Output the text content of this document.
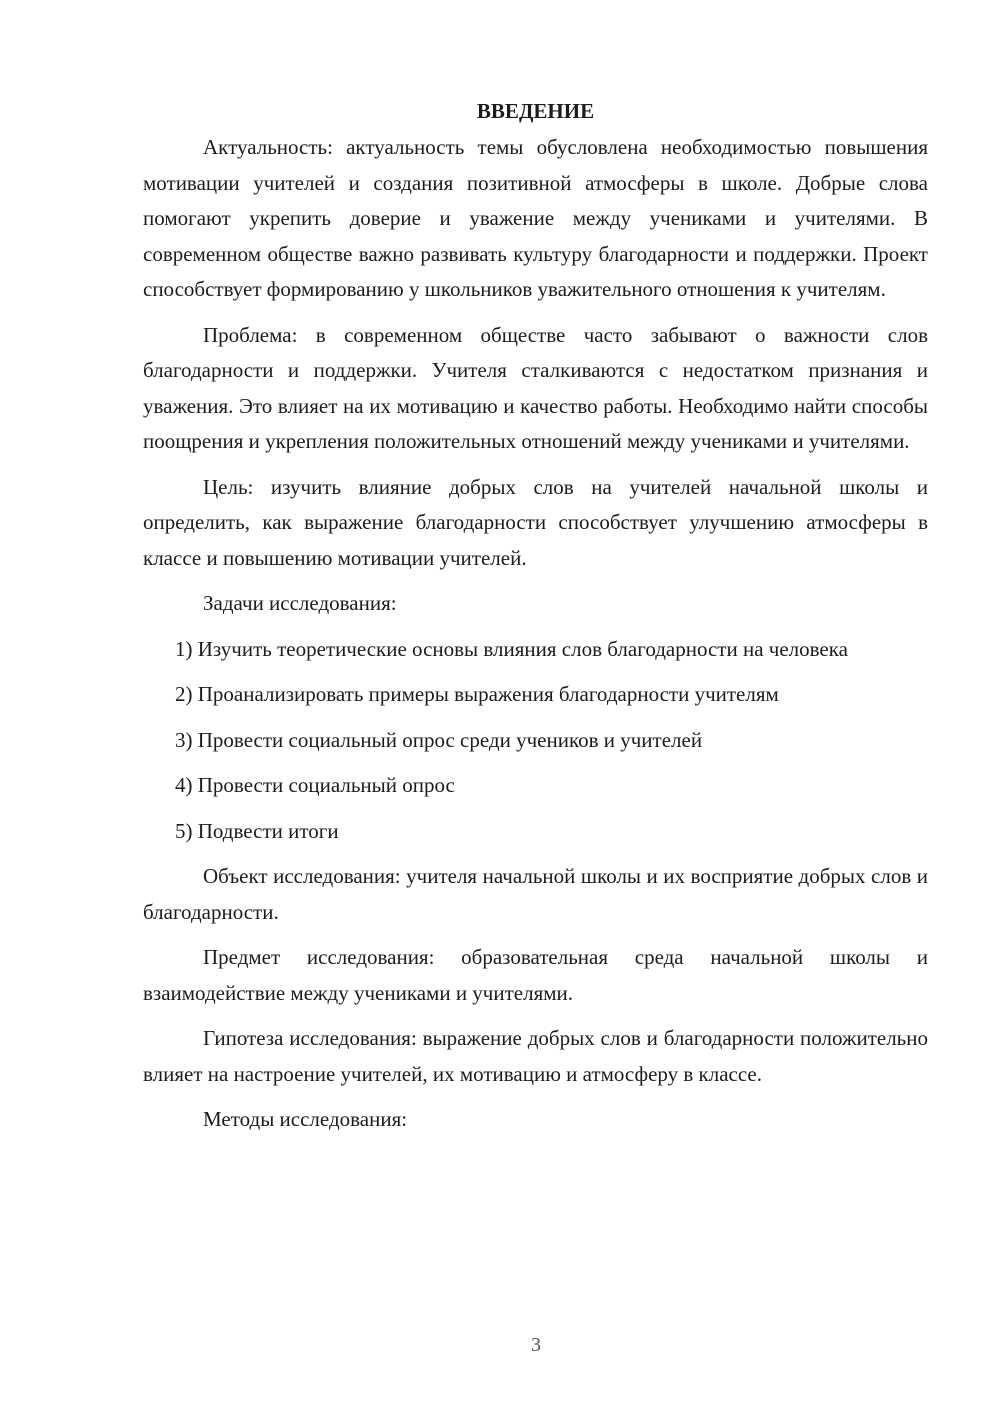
ВВЕДЕНИЕ

Актуальность: актуальность темы обусловлена необходимостью повышения мотивации учителей и создания позитивной атмосферы в школе. Добрые слова помогают укрепить доверие и уважение между учениками и учителями. В современном обществе важно развивать культуру благодарности и поддержки. Проект способствует формированию у школьников уважительного отношения к учителям.

Проблема: в современном обществе часто забывают о важности слов благодарности и поддержки. Учителя сталкиваются с недостатком признания и уважения. Это влияет на их мотивацию и качество работы. Необходимо найти способы поощрения и укрепления положительных отношений между учениками и учителями.

Цель: изучить влияние добрых слов на учителей начальной школы и определить, как выражение благодарности способствует улучшению атмосферы в классе и повышению мотивации учителей.

Задачи исследования:

1) Изучить теоретические основы влияния слов благодарности на человека

2) Проанализировать примеры выражения благодарности учителям

3) Провести социальный опрос среди учеников и учителей

4) Провести социальный опрос

5) Подвести итоги

Объект исследования: учителя начальной школы и их восприятие добрых слов и благодарности.

Предмет исследования: образовательная среда начальной школы и взаимодействие между учениками и учителями.

Гипотеза исследования: выражение добрых слов и благодарности положительно влияет на настроение учителей, их мотивацию и атмосферу в классе.

Методы исследования:

3
